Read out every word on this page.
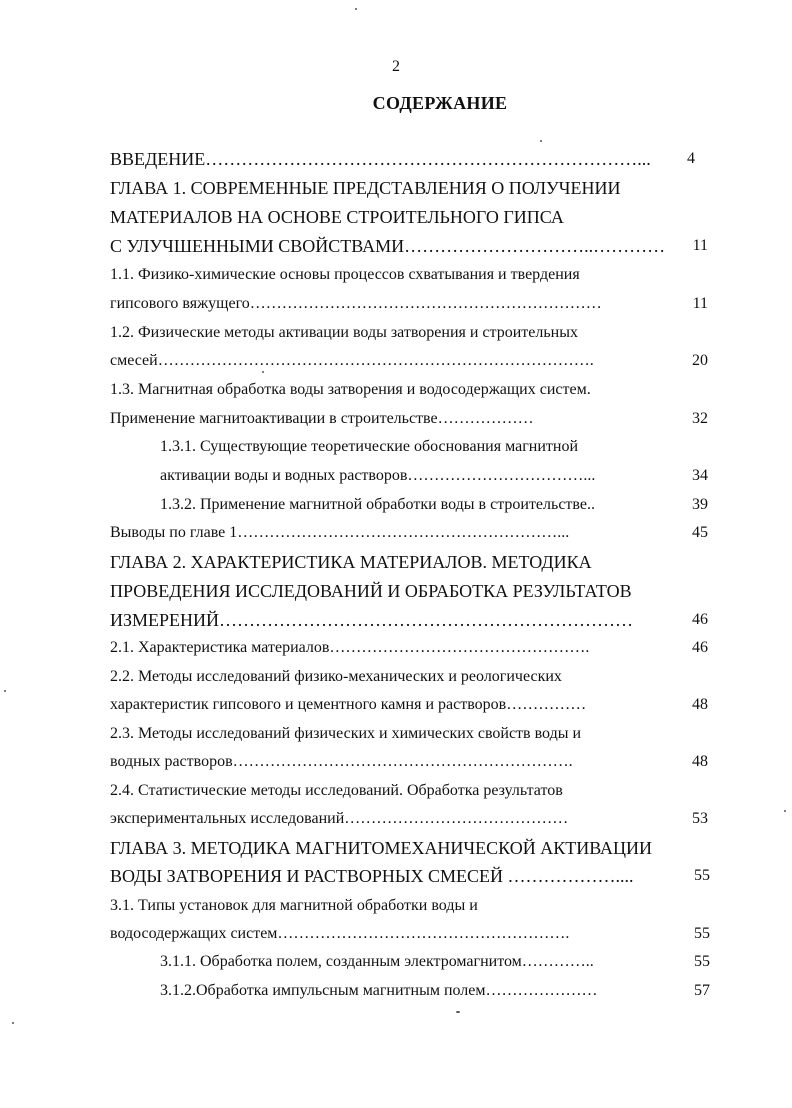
2
СОДЕРЖАНИЕ
ВВЕДЕНИЕ………………………………………………………………...	4
ГЛАВА 1. СОВРЕМЕННЫЕ ПРЕДСТАВЛЕНИЯ О ПОЛУЧЕНИИ
МАТЕРИАЛОВ НА ОСНОВЕ СТРОИТЕЛЬНОГО ГИПСА
С УЛУЧШЕННЫМИ СВОЙСТВАМИ…………………………..…………	11
1.1. Физико-химические основы процессов схватывания и твердения
гипсового вяжущего…………………………………………………………	11
1.2. Физические методы активации воды затворения и строительных
смесей……………………………………………………………………….	20
1.3. Магнитная обработка воды затворения и водосодержащих систем.
Применение магнитоактивации в строительстве………………	32
1.3.1. Существующие теоретические обоснования магнитной
активации воды и водных растворов……………………………...	34
1.3.2. Применение магнитной обработки воды в строительстве..	39
Выводы по главе 1……………………………………………………...	45
ГЛАВА 2. ХАРАКТЕРИСТИКА МАТЕРИАЛОВ. МЕТОДИКА
ПРОВЕДЕНИЯ ИССЛЕДОВАНИЙ И ОБРАБОТКА РЕЗУЛЬТАТОВ
ИЗМЕРЕНИЙ……………………………………………………………	46
2.1. Характеристика материалов………………………………………….	46
2.2. Методы исследований физико-механических и реологических
характеристик гипсового и цементного камня и растворов……………	48
2.3. Методы исследований физических и химических свойств воды и
водных растворов……………………………………………………….	48
2.4. Статистические методы исследований. Обработка результатов
экспериментальных исследований……………………………………	53
ГЛАВА 3. МЕТОДИКА МАГНИТОМЕХАНИЧЕСКОЙ АКТИВАЦИИ
ВОДЫ ЗАТВОРЕНИЯ И РАСТВОРНЫХ СМЕСЕЙ ………………....	55
3.1. Типы установок для магнитной обработки воды и
водосодержащих систем……………………………………………….	55
3.1.1. Обработка полем, созданным электромагнитом…………..	55
3.1.2.Обработка импульсным магнитным полем…………………	57
